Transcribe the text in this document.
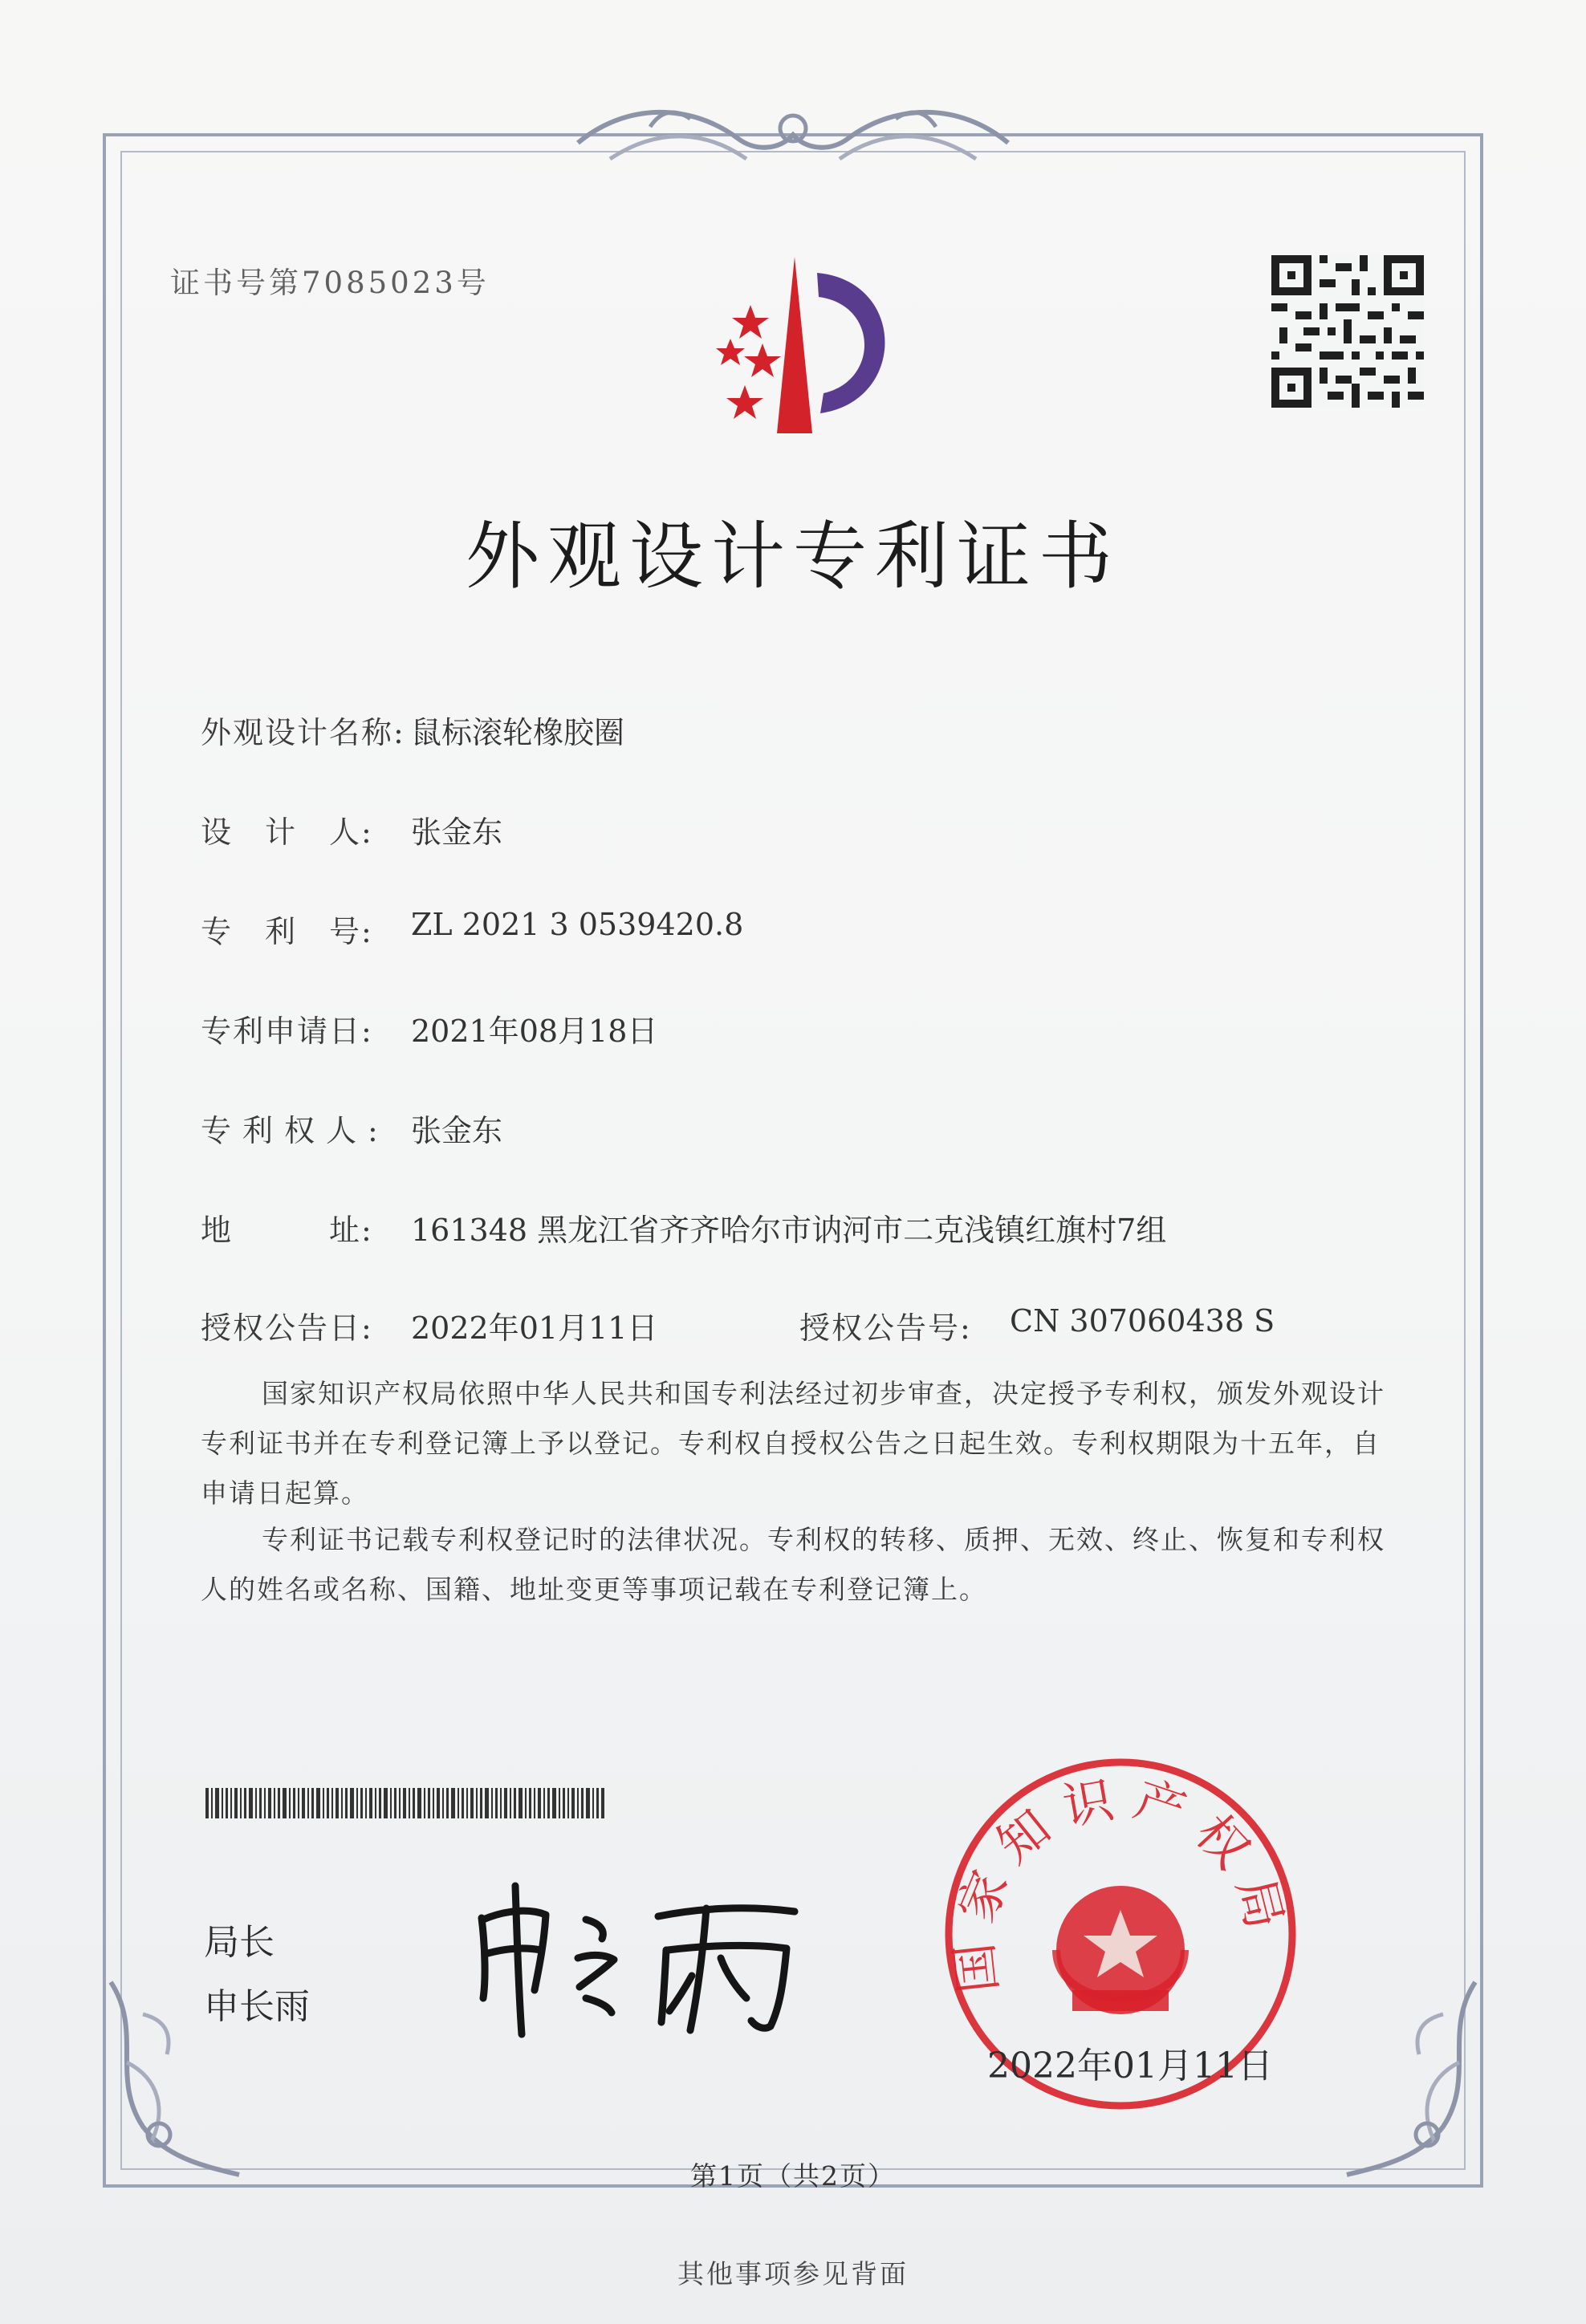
证书号第7085023号
外观设计专利证书
外观设计名称: 鼠标滚轮橡胶圈
设　计　人: 张金东
专　利　号: ZL 2021 3 0539420.8
专利申请日: 2021年08月18日
专利权人: 张金东
地　　　址: 161348 黑龙江省齐齐哈尔市讷河市二克浅镇红旗村7组
授权公告日: 2022年01月11日	授权公告号: CN 307060438 S
国家知识产权局依照中华人民共和国专利法经过初步审查，决定授予专利权，颁发外观设计专利证书并在专利登记簿上予以登记。专利权自授权公告之日起生效。专利权期限为十五年，自申请日起算。
专利证书记载专利权登记时的法律状况。专利权的转移、质押、无效、终止、恢复和专利权人的姓名或名称、国籍、地址变更等事项记载在专利登记簿上。
局长
申长雨
国家知识产权局
2022年01月11日
第1页（共2页）
其他事项参见背面
